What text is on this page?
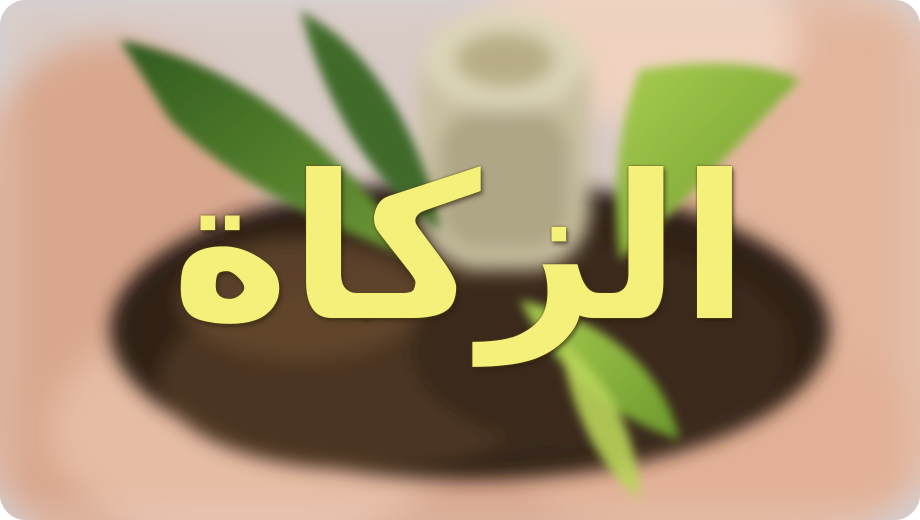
الزكاة
